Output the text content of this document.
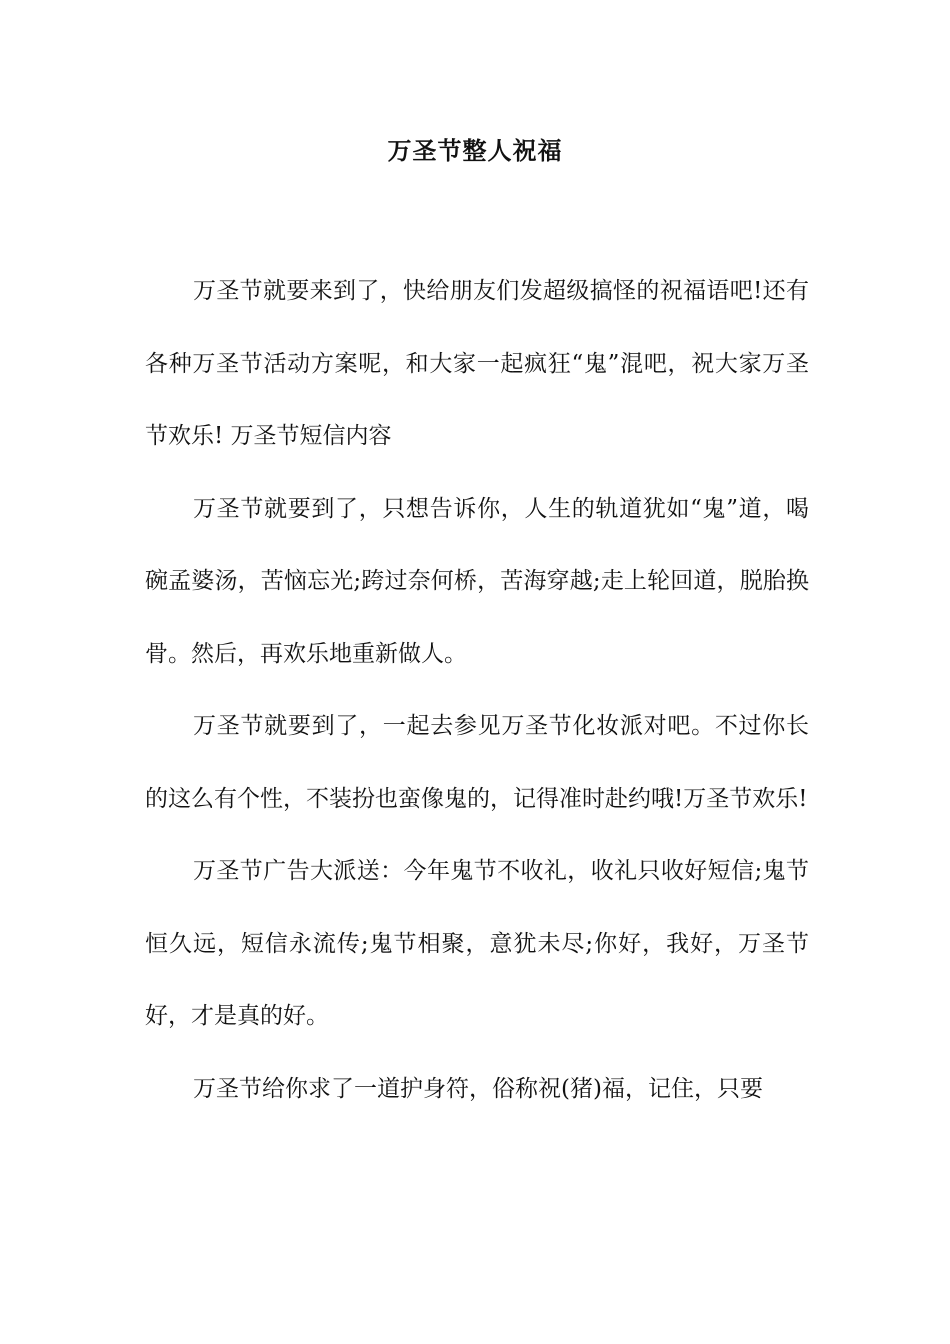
万圣节整人祝福

万圣节就要来到了，快给朋友们发超级搞怪的祝福语吧!还有各种万圣节活动方案呢，和大家一起疯狂“鬼”混吧，祝大家万圣节欢乐! 万圣节短信内容

万圣节就要到了，只想告诉你，人生的轨道犹如“鬼”道，喝碗孟婆汤，苦恼忘光;跨过奈何桥，苦海穿越;走上轮回道，脱胎换骨。然后，再欢乐地重新做人。

万圣节就要到了，一起去参见万圣节化妆派对吧。不过你长的这么有个性，不装扮也蛮像鬼的，记得准时赴约哦!万圣节欢乐!

万圣节广告大派送：今年鬼节不收礼，收礼只收好短信;鬼节恒久远，短信永流传;鬼节相聚，意犹未尽;你好，我好，万圣节好，才是真的好。

万圣节给你求了一道护身符，俗称祝(猪)福，记住，只要
